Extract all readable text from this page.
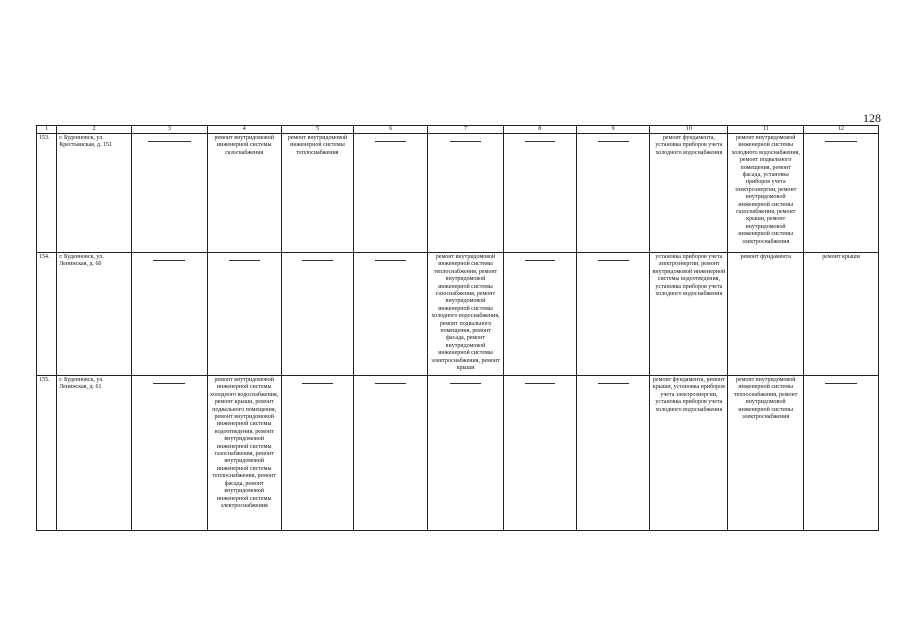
128
1	2	3	4	5	6	7	8	9	10	11	12
153.	г. Буденновск, ул. Крестьянская, д. 151		ремонт внутридомовой инженерной системы газоснабжения	ремонт внутридомовой инженерной системы теплоснабжения					ремонт фундамента, установка приборов учета холодного водоснабжения	ремонт внутридомовой инженерной системы холодного водоснабжения, ремонт подвального помещения, ремонт фасада, установка приборов учета электроэнергии, ремонт внутридомовой инженерной системы газоснабжения, ремонт крыши, ремонт внутридомовой инженерной системы электроснабжения	

154.	г. Буденновск, ул. Ленинская, д. 60					ремонт внутридомовой инженерной системы теплоснабжения, ремонт внутридомовой инженерной системы газоснабжения, ремонт внутридомовой инженерной системы холодного водоснабжения, ремонт подвального помещения, ремонт фасада, ремонт внутридомовой инженерной системы электроснабжения, ремонт крыши			установка приборов учета электроэнергии, ремонт внутридомовой инженерной системы водоотведения, установка приборов учета холодного водоснабжения	ремонт фундамента	ремонт крыши
155.	г. Буденновск, ул. Ленинская, д. 61		ремонт внутридомовой инженерной системы холодного водоснабжения, ремонт крыши, ремонт подвального помещения, ремонт внутридомовой инженерной системы водоотведения, ремонт внутридомовой инженерной системы газоснабжения, ремонт внутридомовой инженерной системы теплоснабжения, ремонт фасада, ремонт внутридомовой инженерной системы электроснабжения						ремонт фундамента, ремонт крыши, установка приборов учета электроэнергии, установка приборов учета холодного водоснабжения	ремонт внутридомовой инженерной системы теплоснабжения, ремонт внутридомовой инженерной системы электроснабжения	
